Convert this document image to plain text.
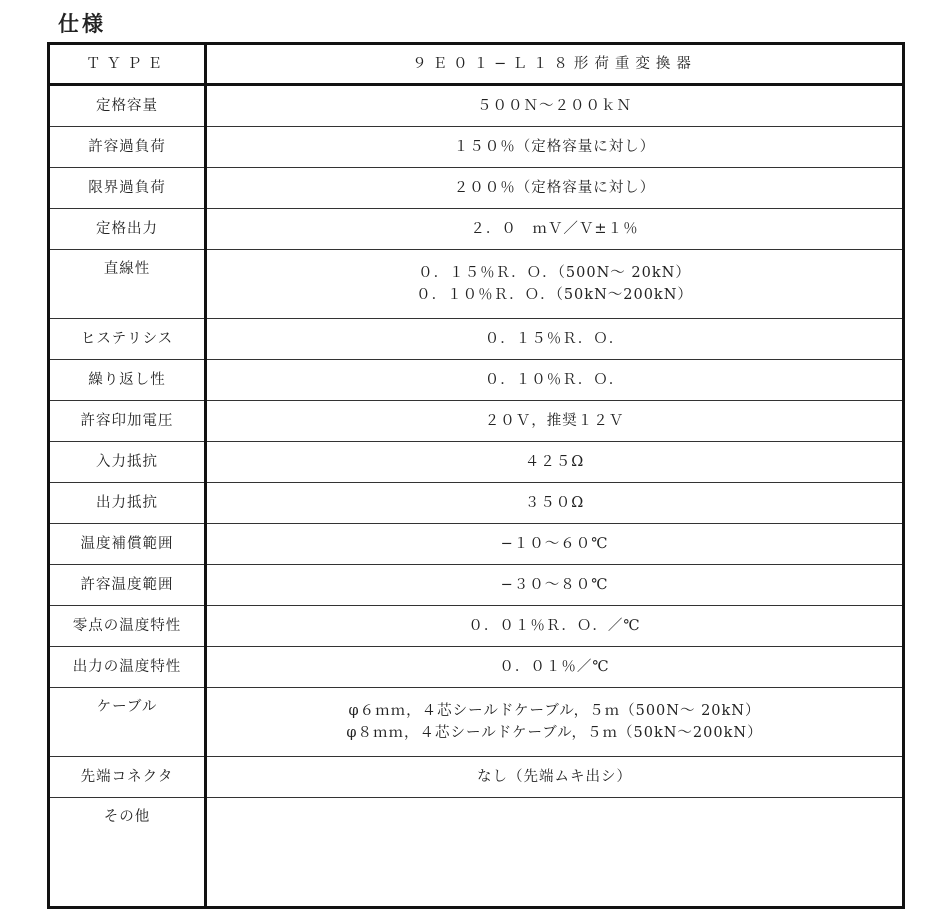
仕様
ＴＹＰＥ	９Ｅ０１−Ｌ１８形荷重変換器
定格容量	５００Ｎ～２００ｋＮ
許容過負荷	１５０％（定格容量に対し）
限界過負荷	２００％（定格容量に対し）
定格出力	２．０　ｍＶ／Ｖ±１％
直線性	０．１５％Ｒ．Ｏ．（500N～ 20kN）
０．１０％Ｒ．Ｏ．（50kN～200kN）

ヒステリシス	０．１５％Ｒ．Ｏ．
繰り返し性	０．１０％Ｒ．Ｏ．
許容印加電圧	２０Ｖ，推奨１２Ｖ
入力抵抗	４２５Ω
出力抵抗	３５０Ω
温度補償範囲	−１０～６０℃
許容温度範囲	−３０～８０℃
零点の温度特性	０．０１％Ｒ．Ｏ．／℃
出力の温度特性	０．０１％／℃
ケーブル	φ６ｍｍ，４芯シールドケーブル，５ｍ（500N～ 20kN）
φ８ｍｍ，４芯シールドケーブル，５ｍ（50kN～200kN）

先端コネクタ	なし（先端ムキ出シ）
その他	
